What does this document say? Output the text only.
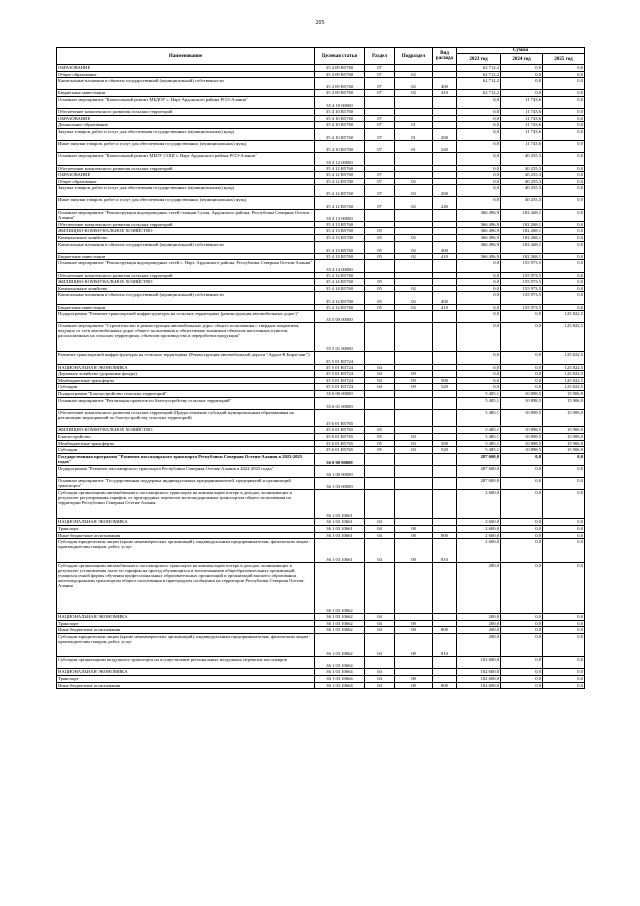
205
Наименование	Целевая статья	Раздел	Подраздел	Вид расхода	Сумма		
					2023 год	2024 год	2025 год
ОБРАЗОВАНИЕ	35 4 09 R5760	07			62 712,2	0,0	0,0
Общее образование	35 4 09 R5760	07	02		62 712,2	0,0	0,0
Капитальные вложения в объекты государственной (муниципальной) собственности	35 4 09 R5760	07	02	400	62 712,2	0,0	0,0
Бюджетные инвестиции	35 4 09 R5760	07	02	410	62 712,2	0,0	0,0
Основное мероприятие "Капитальный ремонт МБДОУ с. Нарт Ардонского района РСО-Алания"	35 4 10 00000				0,0	11 743,6	0,0
Обеспечение комплексного развития сельских территорий	35 4 10 R5760				0,0	11 743,6	0,0
ОБРАЗОВАНИЕ	35 4 10 R5760	07			0,0	11 743,6	0,0
Дошкольное образование	35 4 10 R5760	07	01		0,0	11 743,6	0,0
Закупка товаров, работ и услуг для обеспечения государственных (муниципальных) нужд	35 4 10 R5760	07	01	200	0,0	11 743,6	0,0
Иные закупки товаров, работ и услуг для обеспечения государственных (муниципальных) нужд	35 4 10 R5760	07	01	240	0,0	11 743,6	0,0
Основное мероприятие "Капитальный ремонт МБОУ СОШ с. Нарт Ардонского района РСО-Алания"	35 4 12 00000				0,0	40 255,3	0,0
Обеспечение комплексного развития сельских территорий	35 4 12 R5760				0,0	40 255,3	0,0
ОБРАЗОВАНИЕ	35 4 12 R5760	07			0,0	40 255,3	0,0
Общее образование	35 4 12 R5760	07	02		0,0	40 255,3	0,0
Закупка товаров, работ и услуг для обеспечения государственных (муниципальных) нужд	35 4 12 R5760	07	02	200	0,0	40 255,3	0,0
Иные закупки товаров, работ и услуг для обеспечения государственных (муниципальных) нужд	35 4 12 R5760	07	02	240	0,0	40 255,3	0,0
Основное мероприятие "Реконструкция водопроводных сетей станции Сухая, Ардонского района, Республика Северная Осетия - Алания"	35 4 13 00000				366 496,9	182 268,1	0,0
Обеспечение комплексного развития сельских территорий	35 4 13 R5760				366 496,9	182 268,1	0,0
ЖИЛИЩНО-КОММУНАЛЬНОЕ ХОЗЯЙСТВО	35 4 13 R5760	05			366 496,9	182 268,1	0,0
Коммунальное хозяйство	35 4 13 R5760	05	02		366 496,9	182 268,1	0,0
Капитальные вложения в объекты государственной (муниципальной) собственности	35 4 13 R5760	05	02	400	366 496,9	182 268,1	0,0
Бюджетные инвестиции	35 4 13 R5760	05	02	410	366 496,9	182 268,1	0,0
Основное мероприятие "Реконструкция водопроводных сетей с. Нарт, Ардонского района, Республики Северная Осетия-Алания"	35 4 14 00000				0,0	155 973,5	0,0
Обеспечение комплексного развития сельских территорий	35 4 14 R5760				0,0	155 973,5	0,0
ЖИЛИЩНО-КОММУНАЛЬНОЕ ХОЗЯЙСТВО	35 4 14 R5760	05			0,0	155 973,5	0,0
Коммунальное хозяйство	35 4 14 R5760	05	02		0,0	155 973,5	0,0
Капитальные вложения в объекты государственной (муниципальной) собственности	35 4 14 R5760	05	02	400	0,0	155 973,5	0,0
Бюджетные инвестиции	35 4 14 R5760	05	02	410	0,0	155 973,5	0,0
Подпрограмма "Развитие транспортной инфраструктуры на сельских территориях (реконструкция автомобильных дорог)"	35 5 00 00000				0,0	0,0	125 822,5
Основное мероприятие "Строительство и реконструкция автомобильных дорог общего пользования с твердым покрытием, ведущих от сети автомобильных дорог общего пользования к общественно значимым объектам населенных пунктов, расположенных на сельских территориях, объектам производства и переработки продукции"	35 5 01 00000				0,0	0,0	125 822,5
Развитие транспортной инфраструктуры на сельских территориях (Реконструкция автомобильной дороги "Ардон-В.Бирагзанг")	35 5 01 R3724				0,0	0,0	125 822,5
НАЦИОНАЛЬНАЯ ЭКОНОМИКА	35 5 01 R3724	04			0,0	0,0	125 822,5
Дорожное хозяйство (дорожные фонды)	35 5 01 R3724	04	09		0,0	0,0	125 822,5
Межбюджетные трансферты	35 5 01 R3724	04	09	500	0,0	0,0	125 822,5
Субсидии	35 5 01 R3724	04	09	520	0,0	0,0	125 822,5
Подпрограмма "Благоустройство сельских территорий"	35 6 00 00000				5 485,1	10 898,5	15 906,9
Основное мероприятие "Реализация проектов по благоустройству сельских территорий"	35 6 01 00000				5 485,1	10 898,5	15 906,9
Обеспечение комплексного развития сельских территорий (Предоставление субсидий муниципальным образованиям на реализацию мероприятий по благоустройству сельских территорий)	35 6 01 R5765				5 485,1	10 898,5	15 906,9
ЖИЛИЩНО-КОММУНАЛЬНОЕ ХОЗЯЙСТВО	35 6 01 R5765	05			5 485,1	10 898,5	15 906,9
Благоустройство	35 6 01 R5765	05	03		5 485,1	10 898,5	15 906,9
Межбюджетные трансферты	35 6 01 R5765	05	03	500	5 485,1	10 898,5	15 906,9
Субсидии	35 6 01 R5765	05	03	520	5 485,1	10 898,5	15 906,9
Государственная программа "Развитие пассажирского транспорта Республики Северная Осетия-Алания в 2022-2025 годах"	36 0 00 00000				287 600,0	0,0	0,0
Подпрограмма "Развитие пассажирского транспорта Республики Северная Осетия-Алания в 2022-2025 годах"	36 1 00 00000				287 600,0	0,0	0,0
Основное мероприятие "Государственная поддержка индивидуальных предпринимателей, предприятий и организаций транспорта"	36 1 03 00000				287 600,0	0,0	0,0
Субсидии организациям автомобильного пассажирского транспорта на компенсацию потерь в доходах, возникающих в результате регулирования тарифов, от пригородных перевозок железнодорожным транспортом общего пользования на территории Республики Северная Осетия-Алания	36 1 03 10661				2 600,0	0,0	0,0
НАЦИОНАЛЬНАЯ ЭКОНОМИКА	36 1 03 10661	04			2 600,0	0,0	0,0
Транспорт	36 1 03 10661	04	08		2 600,0	0,0	0,0
Иные бюджетные ассигнования	36 1 03 10661	04	08	800	2 600,0	0,0	0,0
Субсидии юридическим лицам (кроме некоммерческих организаций), индивидуальным предпринимателям, физическим лицам - производителям товаров, работ, услуг	36 1 03 10661	04	08	810	2 600,0	0,0	0,0
Субсидии организациям автомобильного пассажирского транспорта на компенсацию потерь в доходах, возникающих в результате установления льгот по тарифам на проезд обучающихся и воспитанников общеобразовательных организаций, учащихся очной формы обучения профессиональных образовательных организаций и организаций высшего образования железнодорожным транспортом общего пользования в пригородном сообщении на территории Республики Северная Осетия-Алания	36 1 03 10662				200,0	0,0	0,0
НАЦИОНАЛЬНАЯ ЭКОНОМИКА	36 1 03 10662	04			200,0	0,0	0,0
Транспорт	36 1 03 10662	04	08		200,0	0,0	0,0
Иные бюджетные ассигнования	36 1 03 10662	04	08	800	200,0	0,0	0,0
Субсидии юридическим лицам (кроме некоммерческих организаций), индивидуальным предпринимателям, физическим лицам - производителям товаров, работ, услуг	36 1 03 10662	04	08	810	200,0	0,0	0,0
Субсидии организациям воздушного транспорта на осуществление региональных воздушных перевозок пассажиров	36 1 03 10664				102 600,0	0,0	0,0
НАЦИОНАЛЬНАЯ ЭКОНОМИКА	36 1 03 10664	04			102 600,0	0,0	0,0
Транспорт	36 1 03 10664	04	08		102 600,0	0,0	0,0
Иные бюджетные ассигнования	36 1 03 10664	04	08	800	102 600,0	0,0	0,0
